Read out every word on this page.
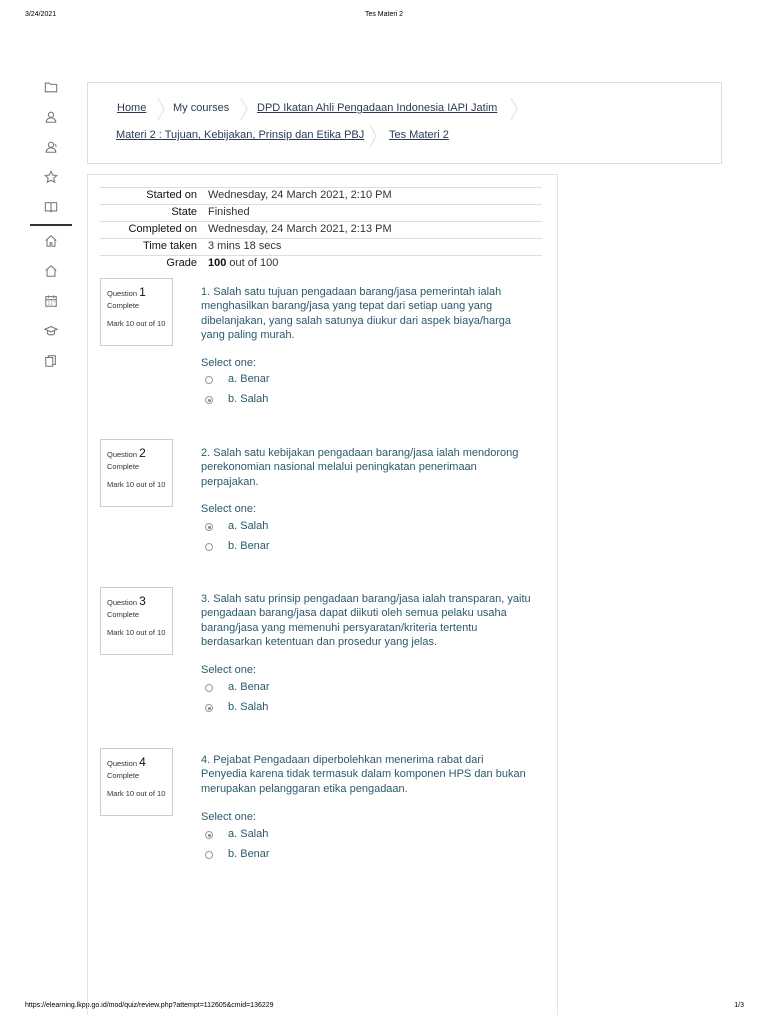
3/24/2021	Tes Materi 2
https://elearning.lkpp.go.id/mod/quiz/review.php?attempt=112605&cmid=136229	1/3
Home My courses	DPD Ikatan Ahli Pengadaan Indonesia IAPI Jatim
Materi 2 : Tujuan, Kebijakan, Prinsip dan Etika PBJ Tes Materi 2
Started on Wednesday, 24 March 2021, 2:10 PM
State Finished
Completed on Wednesday, 24 March 2021, 2:13 PM
Time taken 3 mins 18 secs
Grade 100 out of 100
Question 1
Complete
Mark 10 out of 10
1. Salah satu tujuan pengadaan barang/jasa pemerintah ialah menghasilkan barang/jasa yang tepat dari setiap uang yang dibelanjakan, yang salah satunya diukur dari aspek biaya/harga yang paling murah.
Select one:
a. Benar
b. Salah
Question 2
Complete
Mark 10 out of 10
2. Salah satu kebijakan pengadaan barang/jasa ialah mendorong perekonomian nasional melalui peningkatan penerimaan perpajakan.
Select one:
a. Salah
b. Benar
Question 3
Complete
Mark 10 out of 10
3. Salah satu prinsip pengadaan barang/jasa ialah transparan, yaitu pengadaan barang/jasa dapat diikuti oleh semua pelaku usaha barang/jasa yang memenuhi persyaratan/kriteria tertentu berdasarkan ketentuan dan prosedur yang jelas.
Select one:
a. Benar
b. Salah
Question 4
Complete
Mark 10 out of 10
4. Pejabat Pengadaan diperbolehkan menerima rabat dari Penyedia karena tidak termasuk dalam komponen HPS dan bukan merupakan pelanggaran etika pengadaan.
Select one:
a. Salah
b. Benar
